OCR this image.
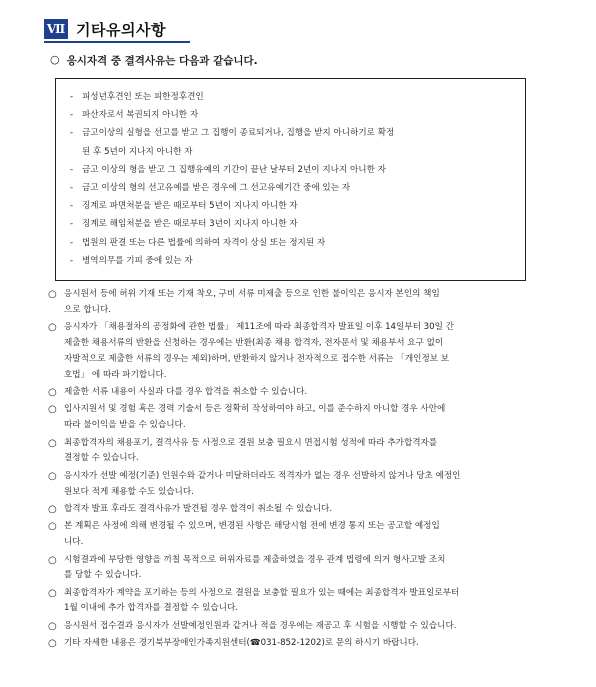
Ⅶ 기타유의사항
○ 응시자격 중 결격사유는 다음과 같습니다.
- 피성년후견인 또는 피한정후견인
- 파산자로서 복권되지 아니한 자
- 금고이상의 실형을 선고를 받고 그 집행이 종료되거나, 집행을 받지 아니하기로 확정
된 후 5년이 지나지 아니한 자
- 금고 이상의 형을 받고 그 집행유예의 기간이 끝난 날부터 2년이 지나지 아니한 자
- 금고 이상의 형의 선고유예를 받은 경우에 그 선고유예기간 중에 있는 자
- 징계로 파면처분을 받은 때로부터 5년이 지나지 아니한 자
- 징계로 해임처분을 받은 때로부터 3년이 지나지 아니한 자
- 법원의 판결 또는 다른 법률에 의하여 자격이 상실 또는 정지된 자
- 병역의무를 기피 중에 있는 자
○ 응시원서 등에 허위 기재 또는 기재 착오, 구비 서류 미제출 등으로 인한 불이익은 응시자 본인의 책임
으로 합니다.
○ 응시자가 「채용절차의 공정화에 관한 법률」 제11조에 따라 최종합격자 발표일 이후 14일부터 30일 간
제출한 채용서류의 반환을 신청하는 경우에는 반환(최종 채용 합격자, 전자문서 및 채용부서 요구 없이
자발적으로 제출한 서류의 경우는 제외)하며, 반환하지 않거나 전자적으로 접수한 서류는 「개인정보 보
호법」 에 따라 파기합니다.
○ 제출한 서류 내용이 사실과 다를 경우 합격을 취소할 수 있습니다.
○ 입사지원서 및 경험 혹은 경력 기술서 등은 정확히 작성하여야 하고, 이를 준수하지 아니할 경우 사안에
따라 불이익을 받을 수 있습니다.
○ 최종합격자의 채용포기, 결격사유 등 사정으로 결원 보충 필요시 면접시험 성적에 따라 추가합격자를
결정할 수 있습니다.
○ 응시자가 선발 예정(기준) 인원수와 같거나 미달하더라도 적격자가 없는 경우 선발하지 않거나 당초 예정인
원보다 적게 채용할 수도 있습니다.
○ 합격자 발표 후라도 결격사유가 발견될 경우 합격이 취소될 수 있습니다.
○ 본 계획은 사정에 의해 변경될 수 있으며, 변경된 사항은 해당시험 전에 변경 통지 또는 공고할 예정입
니다.
○ 시험결과에 부당한 영향을 끼칠 목적으로 허위자료를 제출하였을 경우 관계 법령에 의거 형사고발 조치
를 당할 수 있습니다.
○ 최종합격자가 계약을 포기하는 등의 사정으로 결원을 보충할 필요가 있는 때에는 최종합격자 발표일로부터
1월 이내에 추가 합격자를 결정할 수 있습니다.
○ 응시원서 접수결과 응시자가 선발예정인원과 같거나 적을 경우에는 재공고 후 시험을 시행할 수 있습니다.
○ 기타 자세한 내용은 경기북부장애인가족지원센터(☎031-852-1202)로 문의 하시기 바랍니다.
